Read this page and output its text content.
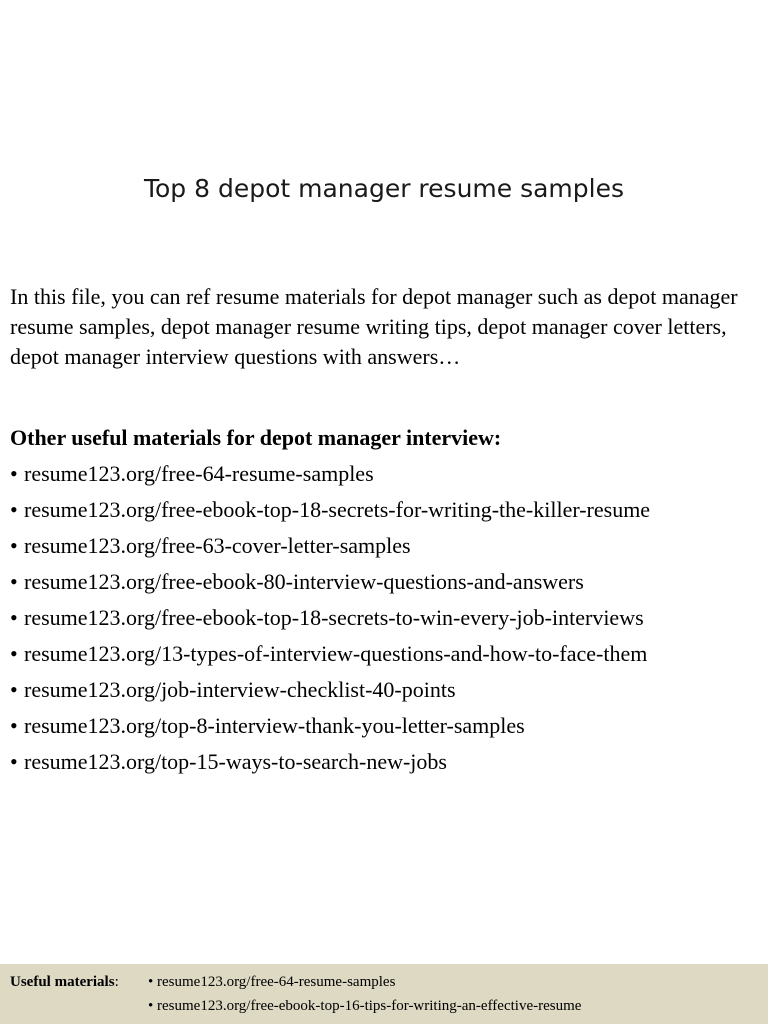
Top 8 depot manager resume samples

In this file, you can ref resume materials for depot manager such as depot manager resume samples, depot manager resume writing tips, depot manager cover letters, depot manager interview questions with answers…

Other useful materials for depot manager interview:
• resume123.org/free-64-resume-samples
• resume123.org/free-ebook-top-18-secrets-for-writing-the-killer-resume
• resume123.org/free-63-cover-letter-samples
• resume123.org/free-ebook-80-interview-questions-and-answers
• resume123.org/free-ebook-top-18-secrets-to-win-every-job-interviews
• resume123.org/13-types-of-interview-questions-and-how-to-face-them
• resume123.org/job-interview-checklist-40-points
• resume123.org/top-8-interview-thank-you-letter-samples
• resume123.org/top-15-ways-to-search-new-jobs
Useful materials: • resume123.org/free-64-resume-samples
• resume123.org/free-ebook-top-16-tips-for-writing-an-effective-resume
